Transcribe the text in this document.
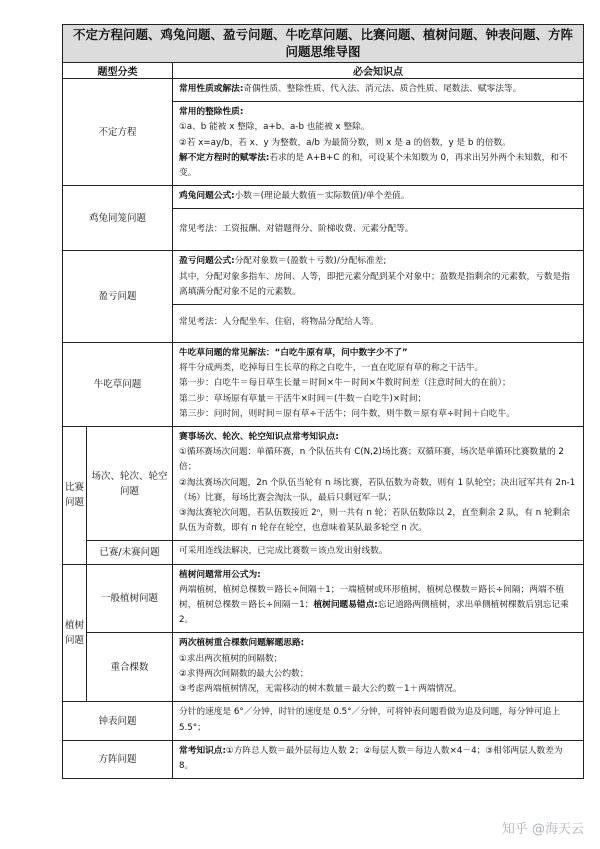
不定方程问题、鸡兔问题、盈亏问题、牛吃草问题、比赛问题、植树问题、钟表问题、方阵问题思维导图		
题型分类		必会知识点
不定方程		常用性质或解法:奇偶性质、整除性质、代入法、消元法、质合性质、尾数法、赋零法等。

		常用的整除性质:

①a、b 能被 x 整除，a+b、a-b 也能被 x 整除。

②若 x=ay/b，若 x、y 为整数，a/b 为最简分数，则 x 是 a 的倍数，y 是 b 的倍数。

解不定方程时的赋零法:若求的是 A+B+C 的和，可设某个未知数为 0，再求出另外两个未知数，和不变。

鸡兔同笼问题		鸡兔问题公式:小数＝(理论最大数值－实际数值)/单个差值。
		常见考法：工资报酬、对错题得分、阶梯收费、元素分配等。
盈亏问题		盈亏问题公式:分配对象数＝(盈数＋亏数)/分配标准差;

其中，分配对象多指车、房间、人等，即把元素分配到某个对象中；盈数是指剩余的元素数，亏数是指离填满分配对象不足的元素数。

		常见考法：人分配坐车、住宿，将物品分配给人等。
牛吃草问题		牛吃草问题的常见解法：“白吃牛原有草，问中数字少不了”

将牛分成两类，吃掉每日生长草的称之白吃牛，一直在吃原有草的称之干活牛。

第一步：白吃牛＝每日草生长量＝时间×牛－时间×牛数时间差（注意时间大的在前）；

第二步：草场原有草量＝干活牛×时间＝(牛数－白吃牛)×时间；

第三步：问时间，则时间＝原有草÷干活牛；问牛数，则牛数＝原有草÷时间＋白吃牛。

比赛问题	场次、轮次、轮空问题	赛事场次、轮次、轮空知识点常考知识点:

①循环赛场次问题：单循环赛，n 个队伍共有 C(N,2)场比赛；双循环赛，场次是单循环比赛数量的 2 倍；

②淘汰赛场次问题，2n 个队伍当轮有 n 场比赛，若队伍数为奇数，则有 1 队轮空；决出冠军共有 2n-1（场）比赛，每场比赛会淘汰一队，最后只剩冠军一队；

③淘汰赛轮次问题，若队伍数接近 2ⁿ，则一共有 n 轮；若队伍数除以 2，直至剩余 2 队，有 n 轮剩余队伍为奇数，即有 n 轮存在轮空，也意味着某队最多轮空 n 次。

	已赛/未赛问题	可采用连线法解决，已完成比赛数＝该点发出射线数。
植树问题	一般植树问题	植树问题常用公式为:

两端植树，植树总棵数＝路长÷间隔＋1；一端植树或环形植树，植树总棵数＝路长÷间隔；两端不植树，植树总棵数＝路长÷间隔－1；植树问题易错点:忘记道路两侧植树，求出单侧植树棵数后别忘记乘 2。

	重合棵数	两次植树重合棵数问题解题思路:

①求出两次植树的间隔数；

②求得两次间隔数的最大公约数；

③考虑两端植树情况，无需移动的树木数量＝最大公约数－1＋两端情况。

钟表问题		分针的速度是 6°／分钟，时针的速度是 0.5°／分钟，可将钟表问题看做为追及问题，每分钟可追上 5.5°；
方阵问题		常考知识点:①方阵总人数＝最外层每边人数 2；②每层人数＝每边人数×4－4；③相邻两层人数差为 8。
知乎 @海天云
